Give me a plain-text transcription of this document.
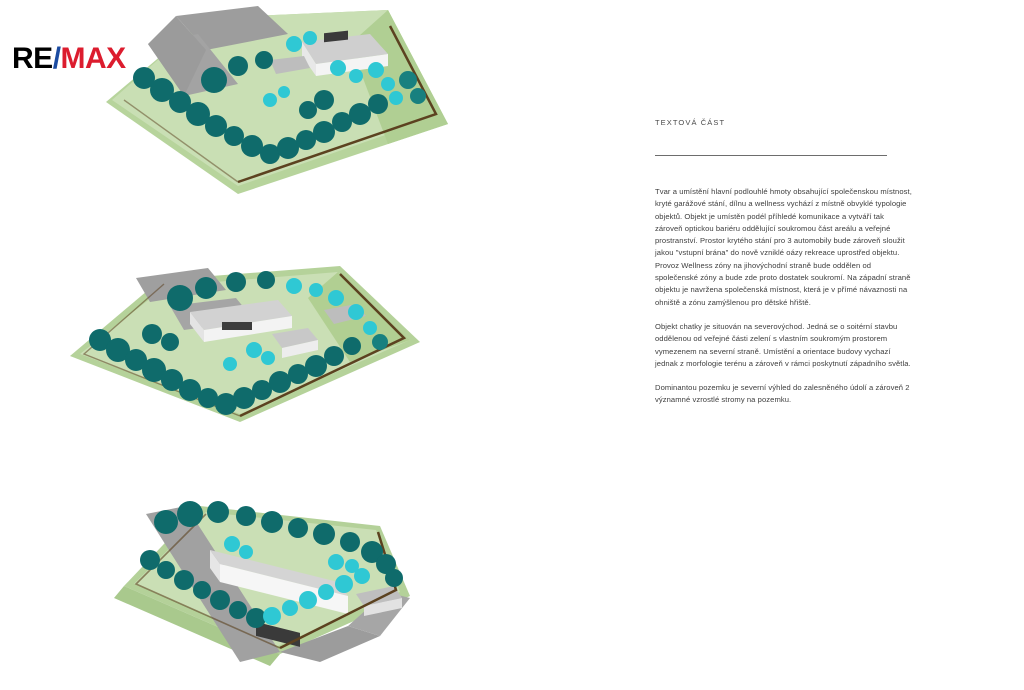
RE/MAX
TEXTOVÁ ČÁST

Tvar a umístění hlavní podlouhlé hmoty obsahující společenskou místnost, kryté garážové stání, dílnu a wellness vychází z místně obvyklé typologie objektů. Objekt je umístěn podél příhledé komunikace a vytváří tak zároveň optickou bariéru oddělující soukromou část areálu a veřejné prostranství. Prostor krytého stání pro 3 automobily bude zároveň sloužit jakou "vstupní brána" do nově vzniklé oázy rekreace uprostřed objektu. Provoz Wellness zóny na jihovýchodní straně bude oddělen od společenské zóny a bude zde proto dostatek soukromí. Na západní straně objektu je navržena společenská místnost, která je v přímé návaznosti na ohniště a zónu zamýšlenou pro dětské hřiště.

Objekt chatky je situován na severovýchod. Jedná se o soitérní stavbu oddělenou od veřejné části zelení s vlastním soukromým prostorem vymezenem na severní straně. Umístění a orientace budovy vychazí jednak z morfologie terénu a zároveň v rámci poskytnutí západního světla.

Dominantou pozemku je severní výhled do zalesněného údolí a zároveň 2 významné vzrostlé stromy na pozemku.
